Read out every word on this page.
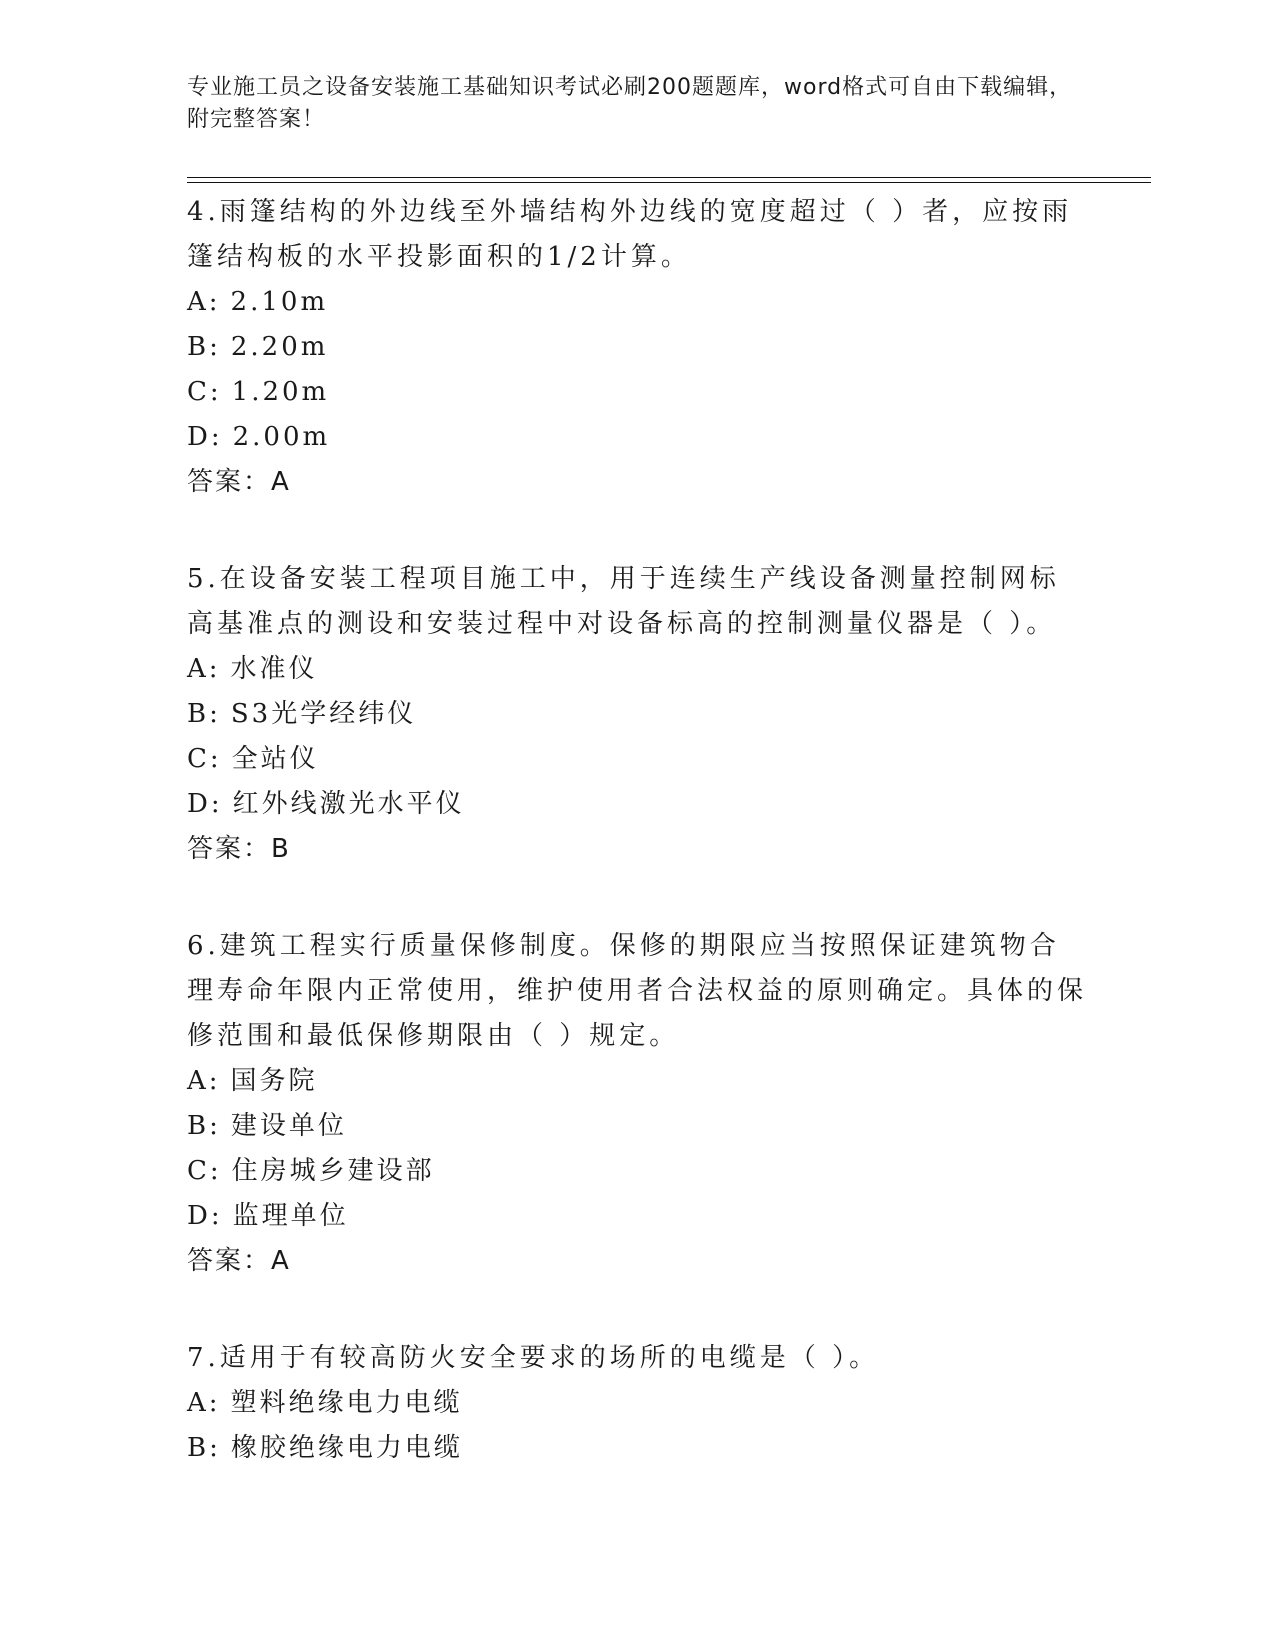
专业施工员之设备安装施工基础知识考试必刷200题题库，word格式可自由下载编辑，附完整答案！
4.雨篷结构的外边线至外墙结构外边线的宽度超过（ ）者，应按雨篷结构板的水平投影面积的1/2计算。
A: 2.10m
B: 2.20m
C: 1.20m
D: 2.00m
答案：A
5.在设备安装工程项目施工中，用于连续生产线设备测量控制网标高基准点的测设和安装过程中对设备标高的控制测量仪器是（ ）。
A: 水准仪
B: S3光学经纬仪
C: 全站仪
D: 红外线激光水平仪
答案：B
6.建筑工程实行质量保修制度。保修的期限应当按照保证建筑物合理寿命年限内正常使用，维护使用者合法权益的原则确定。具体的保修范围和最低保修期限由（ ）规定。
A: 国务院
B: 建设单位
C: 住房城乡建设部
D: 监理单位
答案：A
7.适用于有较高防火安全要求的场所的电缆是（ ）。
A: 塑料绝缘电力电缆
B: 橡胶绝缘电力电缆
